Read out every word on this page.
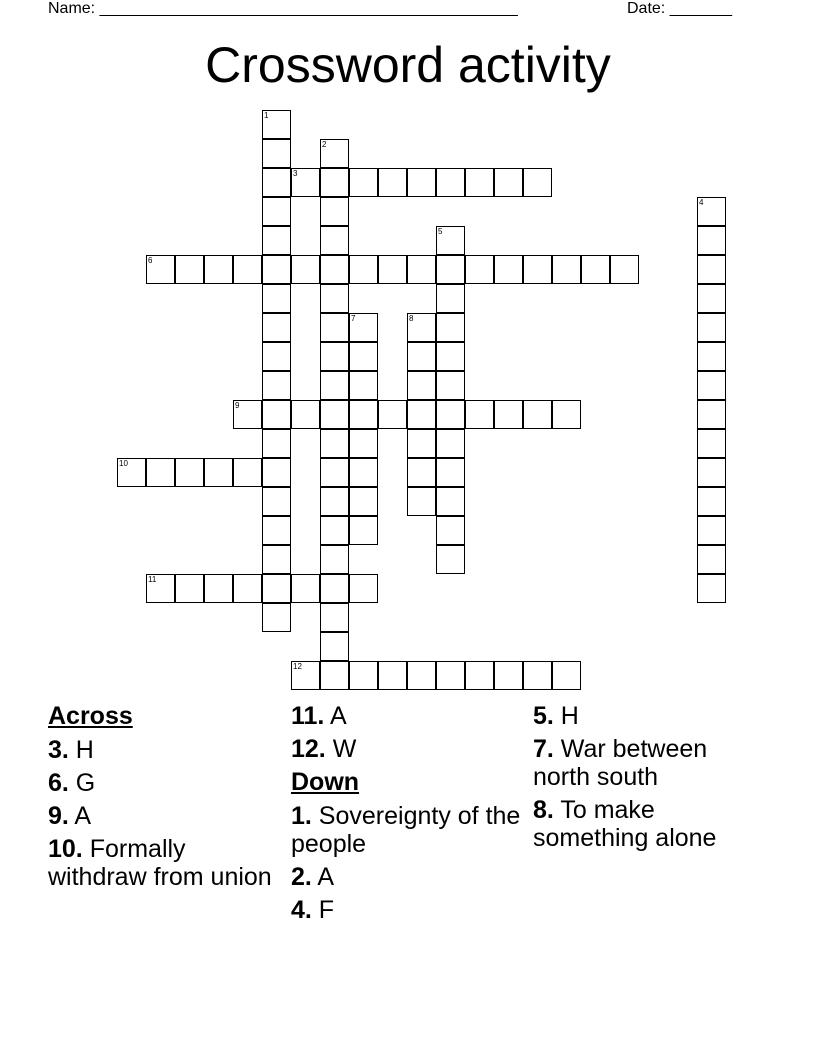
Name: _______________________________________________	Date: _______
Crossword activity
1
2
3
4
5
6
7	8
9
10
11
12
Across
3. H
6. G
9. A
10. Formally withdraw from union
11. A
12. W
Down
1. Sovereignty of the people
2. A
4. F
5. H
7. War between north south
8. To make something alone
